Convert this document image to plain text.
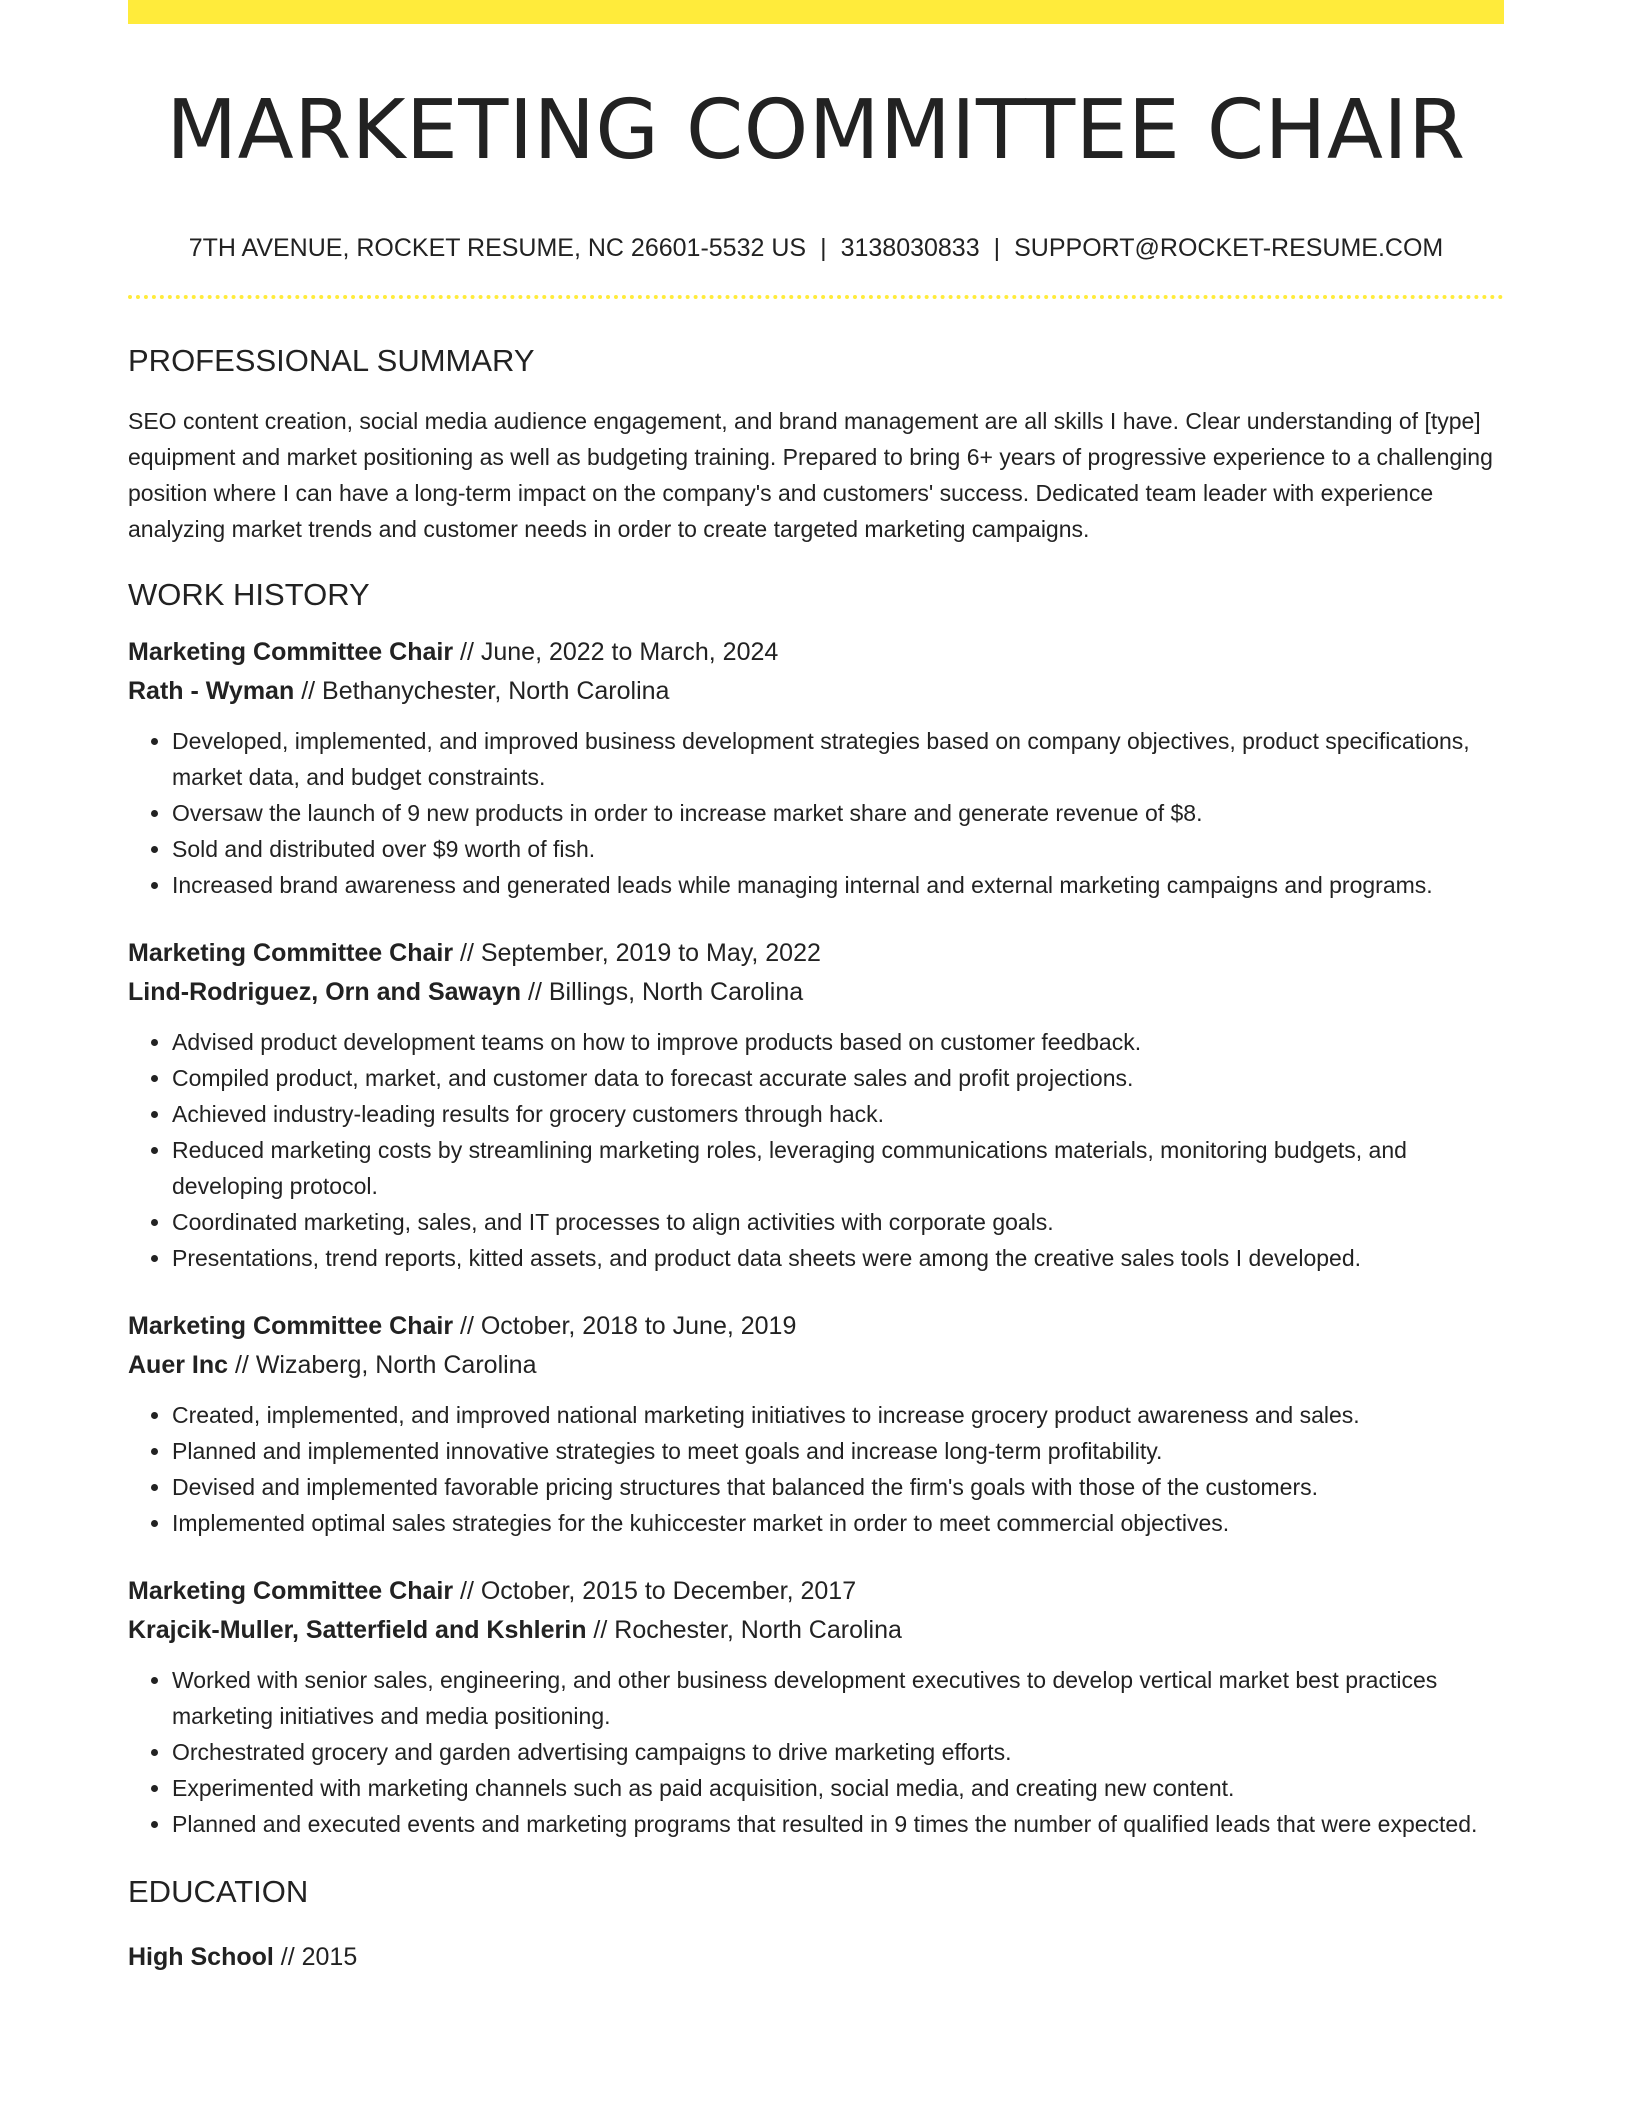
MARKETING COMMITTEE CHAIR
7TH AVENUE, ROCKET RESUME, NC 26601-5532 US | 3138030833 | SUPPORT@ROCKET-RESUME.COM
PROFESSIONAL SUMMARY

SEO content creation, social media audience engagement, and brand management are all skills I have. Clear understanding of [type] equipment and market positioning as well as budgeting training. Prepared to bring 6+ years of progressive experience to a challenging position where I can have a long-term impact on the company's and customers' success. Dedicated team leader with experience analyzing market trends and customer needs in order to create targeted marketing campaigns.

WORK HISTORY
Marketing Committee Chair // June, 2022 to March, 2024
Rath - Wyman // Bethanychester, North Carolina
• Developed, implemented, and improved business development strategies based on company objectives, product specifications, market data, and budget constraints.
• Oversaw the launch of 9 new products in order to increase market share and generate revenue of $8.
• Sold and distributed over $9 worth of fish.
• Increased brand awareness and generated leads while managing internal and external marketing campaigns and programs.
Marketing Committee Chair // September, 2019 to May, 2022
Lind-Rodriguez, Orn and Sawayn // Billings, North Carolina
• Advised product development teams on how to improve products based on customer feedback.
• Compiled product, market, and customer data to forecast accurate sales and profit projections.
• Achieved industry-leading results for grocery customers through hack.
• Reduced marketing costs by streamlining marketing roles, leveraging communications materials, monitoring budgets, and developing protocol.
• Coordinated marketing, sales, and IT processes to align activities with corporate goals.
• Presentations, trend reports, kitted assets, and product data sheets were among the creative sales tools I developed.
Marketing Committee Chair // October, 2018 to June, 2019
Auer Inc // Wizaberg, North Carolina
• Created, implemented, and improved national marketing initiatives to increase grocery product awareness and sales.
• Planned and implemented innovative strategies to meet goals and increase long-term profitability.
• Devised and implemented favorable pricing structures that balanced the firm's goals with those of the customers.
• Implemented optimal sales strategies for the kuhiccester market in order to meet commercial objectives.
Marketing Committee Chair // October, 2015 to December, 2017
Krajcik-Muller, Satterfield and Kshlerin // Rochester, North Carolina
• Worked with senior sales, engineering, and other business development executives to develop vertical market best practices marketing initiatives and media positioning.
• Orchestrated grocery and garden advertising campaigns to drive marketing efforts.
• Experimented with marketing channels such as paid acquisition, social media, and creating new content.
• Planned and executed events and marketing programs that resulted in 9 times the number of qualified leads that were expected.
EDUCATION
High School // 2015
